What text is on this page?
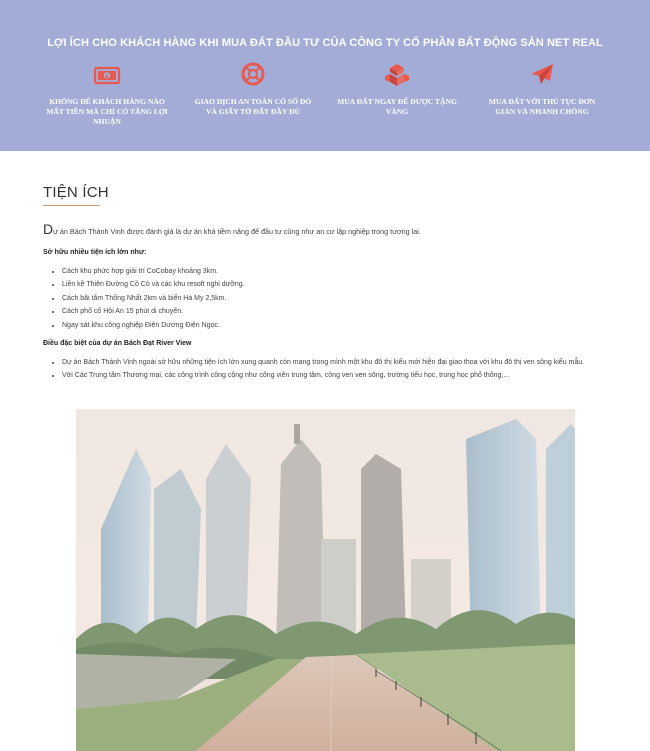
LỢI ÍCH CHO KHÁCH HÀNG KHI MUA ĐẤT ĐẦU TƯ CỦA CÔNG TY CỔ PHẦN BẤT ĐỘNG SẢN NET REAL
$
KHÔNG ĐỂ KHÁCH HÀNG NÀO MẤT TIỀN MÀ CHỈ CÓ TĂNG LỢI NHUẬN
GIAO DỊCH AN TOÀN CÓ SỔ ĐỎ VÀ GIẤY TỜ ĐẤT ĐẦY ĐỦ
MUA ĐẤT NGAY ĐỂ ĐƯỢC TẶNG VÀNG
MUA ĐẤT VỚI THỦ TỤC ĐƠN GIẢN VÀ NHANH CHÓNG
TIỆN ÍCH
Dự án Bách Thành Vinh được đánh giá là dự án khá tiềm năng để đầu tư cũng như an cư lập nghiệp trong tương lai.
Sở hữu nhiều tiện ích lớn như:
• Cách khu phức hợp giải trí CoCobay khoảng 3km.
• Liền kề Thiên Đường Cồ Cò và các khu resoft nghỉ dưỡng.
• Cách bãi tắm Thống Nhất 2km và biển Hà My 2,5km.
• Cách phố cổ Hội An 15 phút di chuyển.
• Ngay sát khu công nghiệp Điện Dương Điện Ngọc.
Điều đặc biệt của dự án Bách Đạt River View
• Dự án Bách Thành Vinh ngoài sở hữu những tiện ích lớn xung quanh còn mang trong mình một khu đô thị kiểu mới hiện đại giao thoa với khu đô thị ven sông kiểu mẫu.
• Với Các Trung tâm Thương mại, các công trình công cộng như công viên trung tâm, công ven ven sông, trường tiểu học, trung học phổ thông,...
